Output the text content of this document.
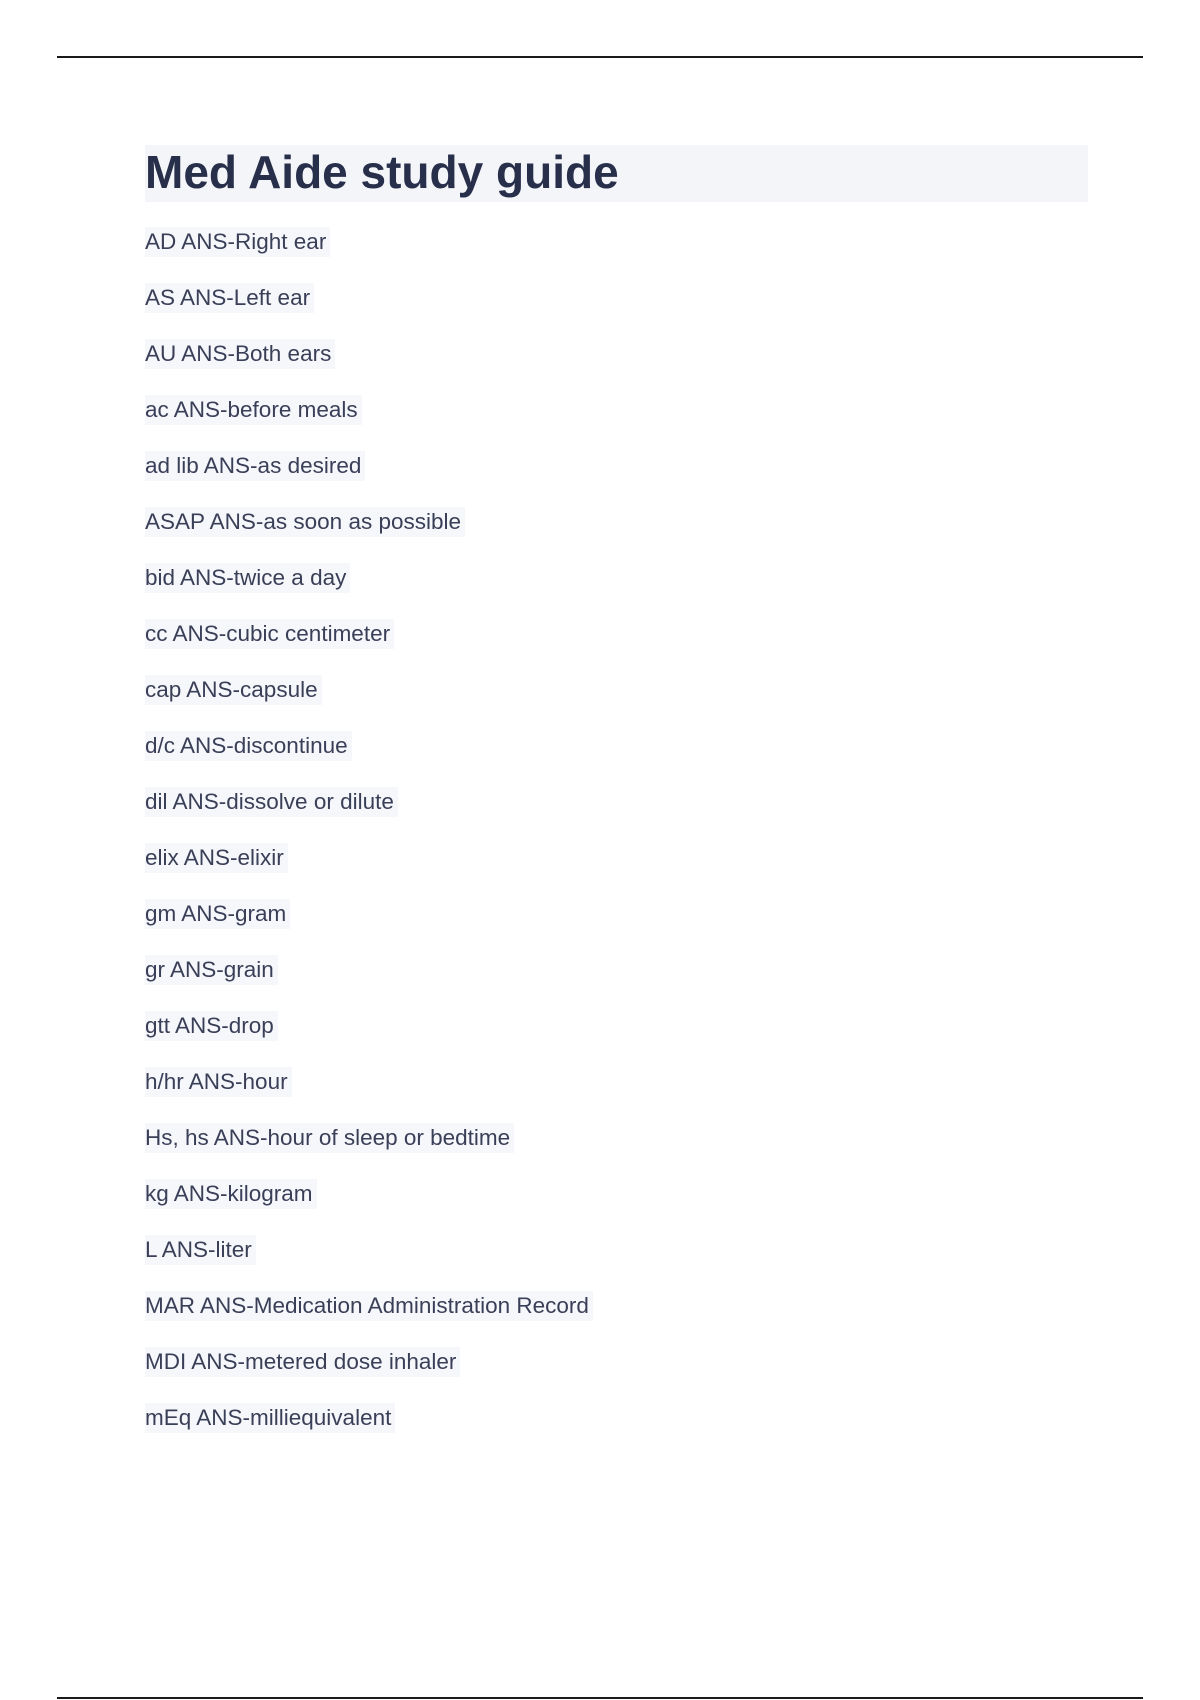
Med Aide study guide
AD ANS-Right ear
AS ANS-Left ear
AU ANS-Both ears
ac ANS-before meals
ad lib ANS-as desired
ASAP ANS-as soon as possible
bid ANS-twice a day
cc ANS-cubic centimeter
cap ANS-capsule
d/c ANS-discontinue
dil ANS-dissolve or dilute
elix ANS-elixir
gm ANS-gram
gr ANS-grain
gtt ANS-drop
h/hr ANS-hour
Hs, hs ANS-hour of sleep or bedtime
kg ANS-kilogram
L ANS-liter
MAR ANS-Medication Administration Record
MDI ANS-metered dose inhaler
mEq ANS-milliequivalent
